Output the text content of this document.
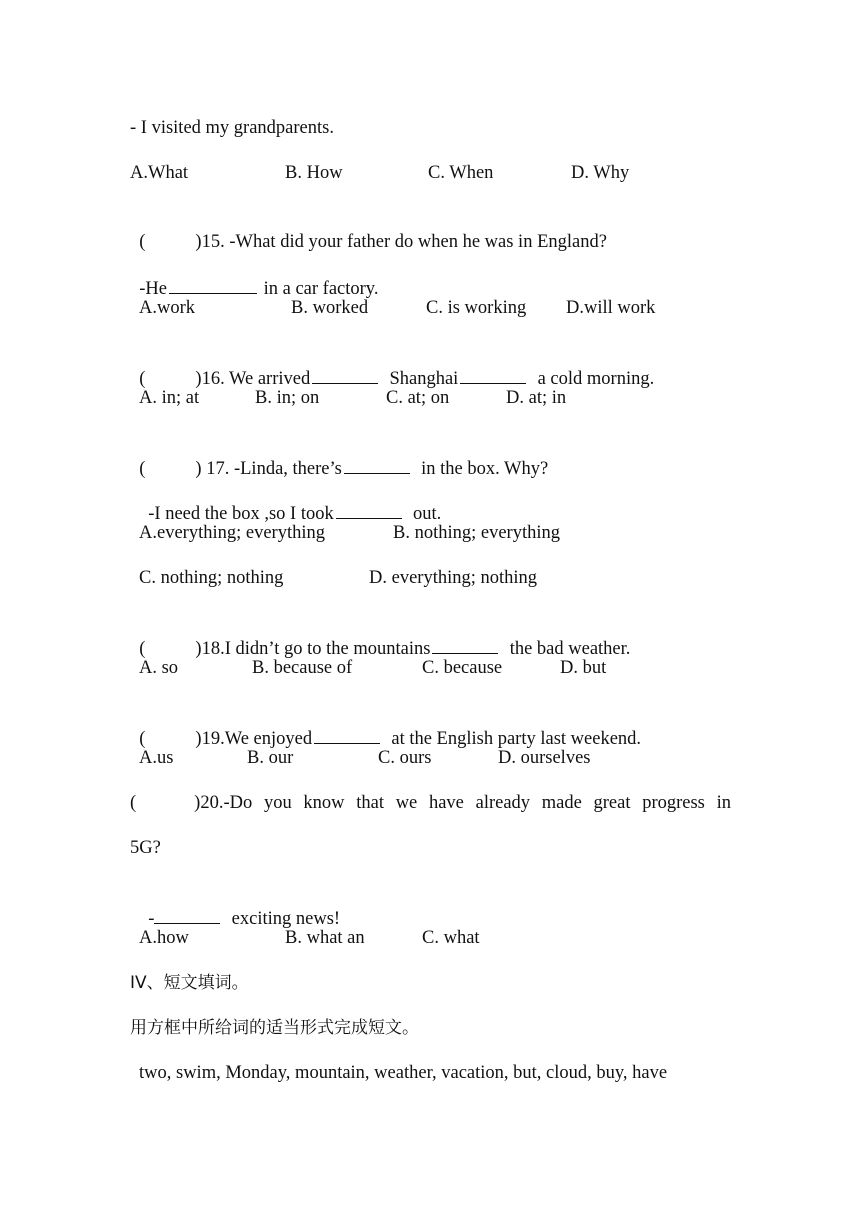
- I visited my grandparents.
A.What	B. How	C. When	D. Why

(	)15. -What did your father do when he was in England?

-He	in a car factory.

A.work	B. worked	C. is working D.will work

(	)16. We arrived	Shanghai	a cold morning.

A. in; at	B. in; on	C. at; on	D. at; in

(	) 17. -Linda, there’s	in the box. Why?

-I need the box ,so I took	out.

A.everything; everything	B. nothing; everything
C. nothing; nothing	D. everything; nothing

(	)18.I didn’t go to the mountains	the bad weather.

A. so	B. because of	C. because	D. but

(	)19.We enjoyed	at the English party last weekend.

A.us	B. our	C. ours	D. ourselves
(	)20.-Do you know that we have already made great progress in
5G?

-	exciting news!

A.how	B. what an	C. what
IV、短文填词。
用方框中所给词的适当形式完成短文。
two, swim, Monday, mountain, weather, vacation, but, cloud, buy, have
